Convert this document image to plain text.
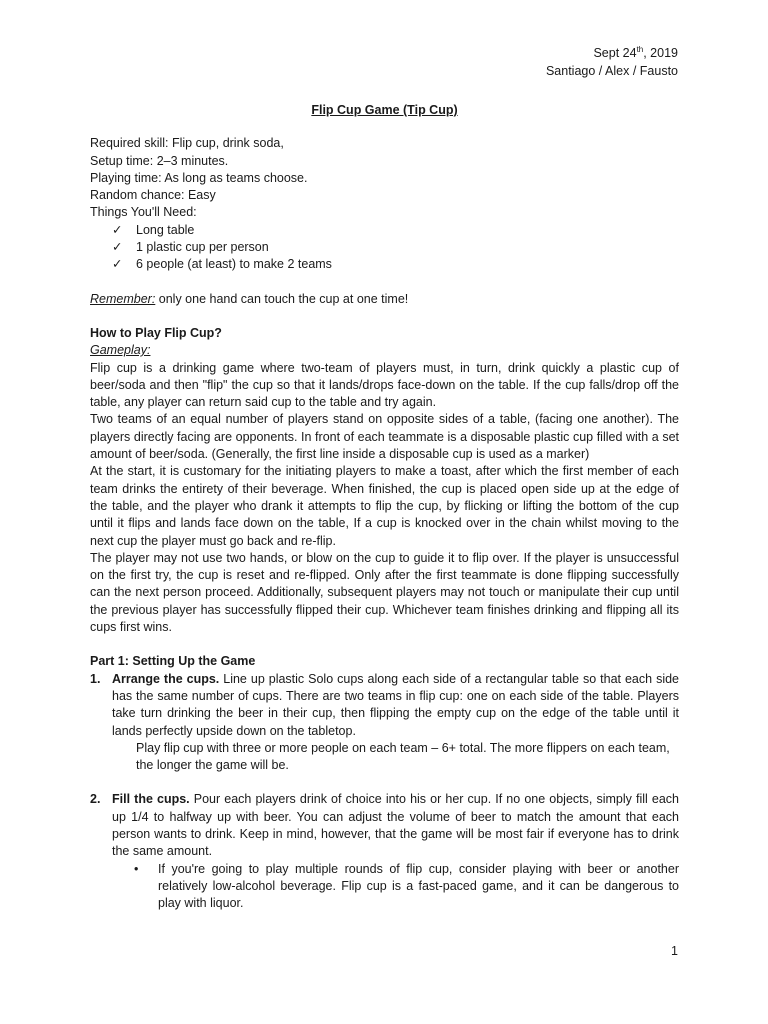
Sept 24th, 2019
Santiago / Alex / Fausto

Flip Cup Game (Tip Cup)

Required skill: Flip cup, drink soda,

Setup time: 2–3 minutes.

Playing time: As long as teams choose.

Random chance: Easy

Things You'll Need:

✓ Long table
✓ 1 plastic cup per person
✓ 6 people (at least) to make 2 teams

Remember: only one hand can touch the cup at one time!

How to Play Flip Cup?

Gameplay:

Flip cup is a drinking game where two-team of players must, in turn, drink quickly a plastic cup of beer/soda and then "flip" the cup so that it lands/drops face-down on the table. If the cup falls/drop off the table, any player can return said cup to the table and try again.

Two teams of an equal number of players stand on opposite sides of a table, (facing one another). The players directly facing are opponents. In front of each teammate is a disposable plastic cup filled with a set amount of beer/soda. (Generally, the first line inside a disposable cup is used as a marker)

At the start, it is customary for the initiating players to make a toast, after which the first member of each team drinks the entirety of their beverage. When finished, the cup is placed open side up at the edge of the table, and the player who drank it attempts to flip the cup, by flicking or lifting the bottom of the cup until it flips and lands face down on the table, If a cup is knocked over in the chain whilst moving to the next cup the player must go back and re-flip.

The player may not use two hands, or blow on the cup to guide it to flip over. If the player is unsuccessful on the first try, the cup is reset and re-flipped. Only after the first teammate is done flipping successfully can the next person proceed. Additionally, subsequent players may not touch or manipulate their cup until the previous player has successfully flipped their cup. Whichever team finishes drinking and flipping all its cups first wins.

Part 1: Setting Up the Game

1. Arrange the cups. Line up plastic Solo cups along each side of a rectangular table so that each side has the same number of cups. There are two teams in flip cup: one on each side of the table. Players take turn drinking the beer in their cup, then flipping the empty cup on the edge of the table until it lands perfectly upside down on the tabletop.

Play flip cup with three or more people on each team – 6+ total. The more flippers on each team, the longer the game will be.

2. Fill the cups. Pour each players drink of choice into his or her cup. If no one objects, simply fill each up 1/4 to halfway up with beer. You can adjust the volume of beer to match the amount that each person wants to drink. Keep in mind, however, that the game will be most fair if everyone has to drink the same amount.

• If you're going to play multiple rounds of flip cup, consider playing with beer or another relatively low-alcohol beverage. Flip cup is a fast-paced game, and it can be dangerous to play with liquor.

1
